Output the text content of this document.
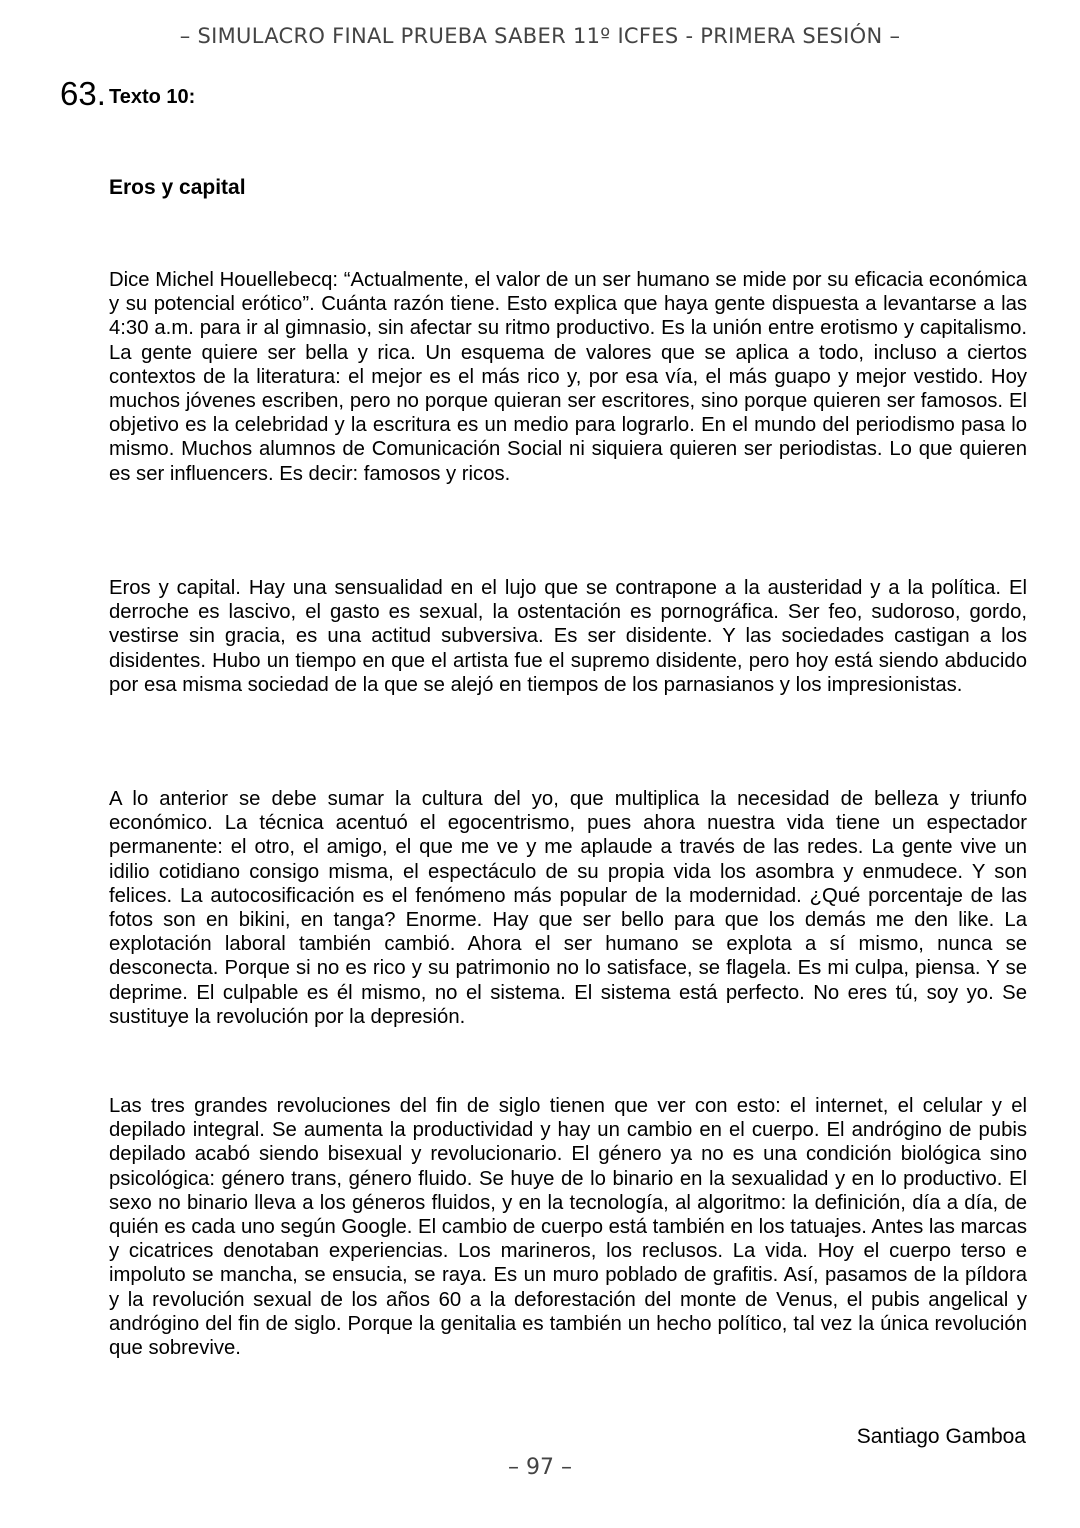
– SIMULACRO FINAL PRUEBA SABER 11º ICFES - PRIMERA SESIÓN –
63. Texto 10:
Eros y capital

Dice Michel Houellebecq: “Actualmente, el valor de un ser humano se mide por su eficacia económica y su potencial erótico”. Cuánta razón tiene. Esto explica que haya gente dispuesta a levantarse a las 4:30 a.m. para ir al gimnasio, sin afectar su ritmo productivo. Es la unión entre erotismo y capitalismo. La gente quiere ser bella y rica. Un esquema de valores que se aplica a todo, incluso a ciertos contextos de la literatura: el mejor es el más rico y, por esa vía, el más guapo y mejor vestido. Hoy muchos jóvenes escriben, pero no porque quieran ser escritores, sino porque quieren ser famosos. El objetivo es la celebridad y la escritura es un medio para lograrlo. En el mundo del periodismo pasa lo mismo. Muchos alumnos de Comunicación Social ni siquiera quieren ser periodistas. Lo que quieren es ser influencers. Es decir: famosos y ricos.

Eros y capital. Hay una sensualidad en el lujo que se contrapone a la austeridad y a la política. El derroche es lascivo, el gasto es sexual, la ostentación es pornográfica. Ser feo, sudoroso, gordo, vestirse sin gracia, es una actitud subversiva. Es ser disidente. Y las sociedades castigan a los disidentes. Hubo un tiempo en que el artista fue el supremo disidente, pero hoy está siendo abducido por esa misma sociedad de la que se alejó en tiempos de los parnasianos y los impresionistas.

A lo anterior se debe sumar la cultura del yo, que multiplica la necesidad de belleza y triunfo económico. La técnica acentuó el egocentrismo, pues ahora nuestra vida tiene un espectador permanente: el otro, el amigo, el que me ve y me aplaude a través de las redes. La gente vive un idilio cotidiano consigo misma, el espectáculo de su propia vida los asombra y enmudece. Y son felices. La autocosificación es el fenómeno más popular de la modernidad. ¿Qué porcentaje de las fotos son en bikini, en tanga? Enorme. Hay que ser bello para que los demás me den like. La explotación laboral también cambió. Ahora el ser humano se explota a sí mismo, nunca se desconecta. Porque si no es rico y su patrimonio no lo satisface, se flagela. Es mi culpa, piensa. Y se deprime. El culpable es él mismo, no el sistema. El sistema está perfecto. No eres tú, soy yo. Se sustituye la revolución por la depresión.

Las tres grandes revoluciones del fin de siglo tienen que ver con esto: el internet, el celular y el depilado integral. Se aumenta la productividad y hay un cambio en el cuerpo. El andrógino de pubis depilado acabó siendo bisexual y revolucionario. El género ya no es una condición biológica sino psicológica: género trans, género fluido. Se huye de lo binario en la sexualidad y en lo productivo. El sexo no binario lleva a los géneros fluidos, y en la tecnología, al algoritmo: la definición, día a día, de quién es cada uno según Google. El cambio de cuerpo está también en los tatuajes. Antes las marcas y cicatrices denotaban experiencias. Los marineros, los reclusos. La vida. Hoy el cuerpo terso e impoluto se mancha, se ensucia, se raya. Es un muro poblado de grafitis. Así, pasamos de la píldora y la revolución sexual de los años 60 a la deforestación del monte de Venus, el pubis angelical y andrógino del fin de siglo. Porque la genitalia es también un hecho político, tal vez la única revolución que sobrevive.

Santiago Gamboa
– 97 –
